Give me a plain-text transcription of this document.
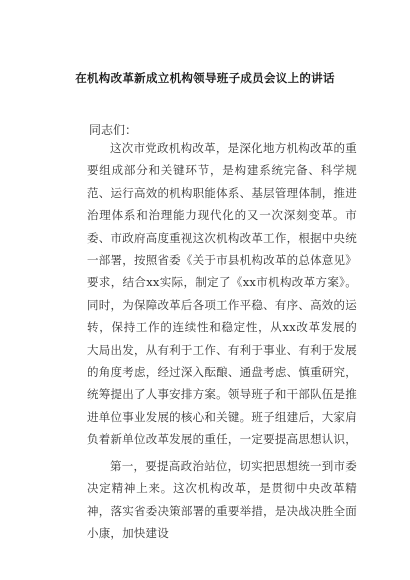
在机构改革新成立机构领导班子成员会议上的讲话
同志们：
这次市党政机构改革，是深化地方机构改革的重要组成部分和关键环节，是构建系统完备、科学规范、运行高效的机构职能体系、基层管理体制，推进治理体系和治理能力现代化的又一次深刻变革。市委、市政府高度重视这次机构改革工作，根据中央统一部署，按照省委《关于市县机构改革的总体意见》要求，结合xx实际，制定了《xx市机构改革方案》。同时，为保障改革后各项工作平稳、有序、高效的运转，保持工作的连续性和稳定性，从xx改革发展的大局出发，从有利于工作、有利于事业、有利于发展的角度考虑，经过深入酝酿、通盘考虑、慎重研究，统筹提出了人事安排方案。领导班子和干部队伍是推进单位事业发展的核心和关键。班子组建后，大家肩负着新单位改革发展的重任，一定要提高思想认识，
第一，要提高政治站位，切实把思想统一到市委决定精神上来。这次机构改革，是贯彻中央改革精神，落实省委决策部署的重要举措，是决战决胜全面小康，加快建设
